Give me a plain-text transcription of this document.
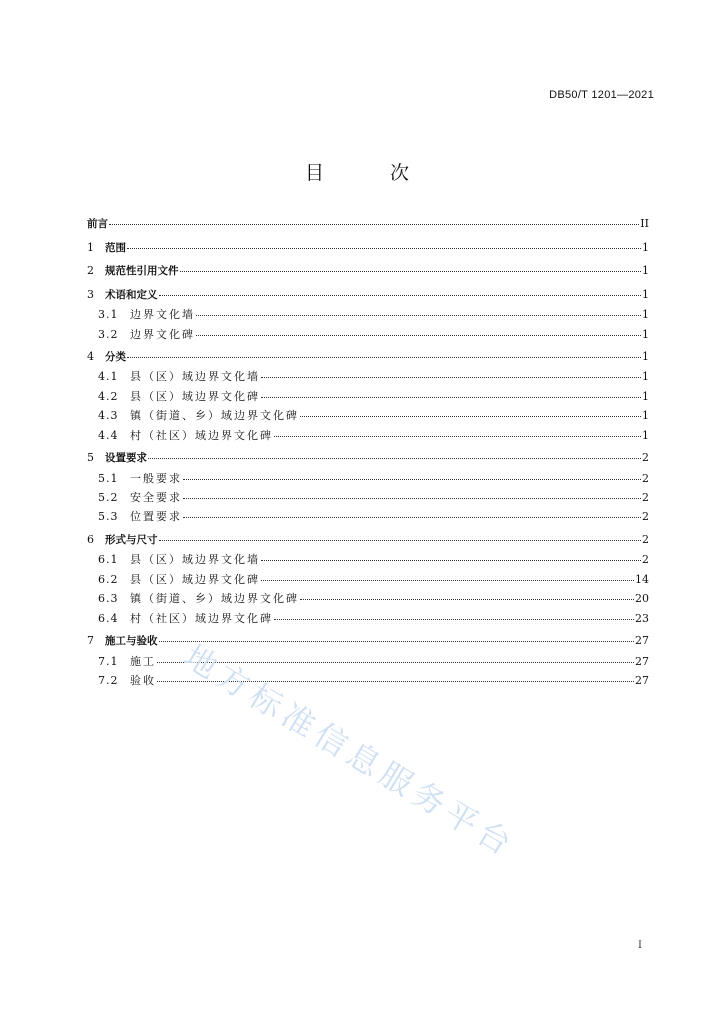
DB50/T 1201—2021
目 次
前言	II
1	范围	1
2	规范性引用文件	1
3	术语和定义	1
3.1	边界文化墙	1
3.2	边界文化碑	1
4	分类	1
4.1	县（区）域边界文化墙	1
4.2	县（区）域边界文化碑	1
4.3	镇（街道、乡）域边界文化碑	1
4.4	村（社区）域边界文化碑	1
5	设置要求	2
5.1	一般要求	2
5.2	安全要求	2
5.3	位置要求	2
6	形式与尺寸	2
6.1	县（区）域边界文化墙	2
6.2	县（区）域边界文化碑	14
6.3	镇（街道、乡）域边界文化碑	20
6.4	村（社区）域边界文化碑	23
7	施工与验收	27
7.1	施工	27
7.2	验收	27
地方标准信息服务平台
I
